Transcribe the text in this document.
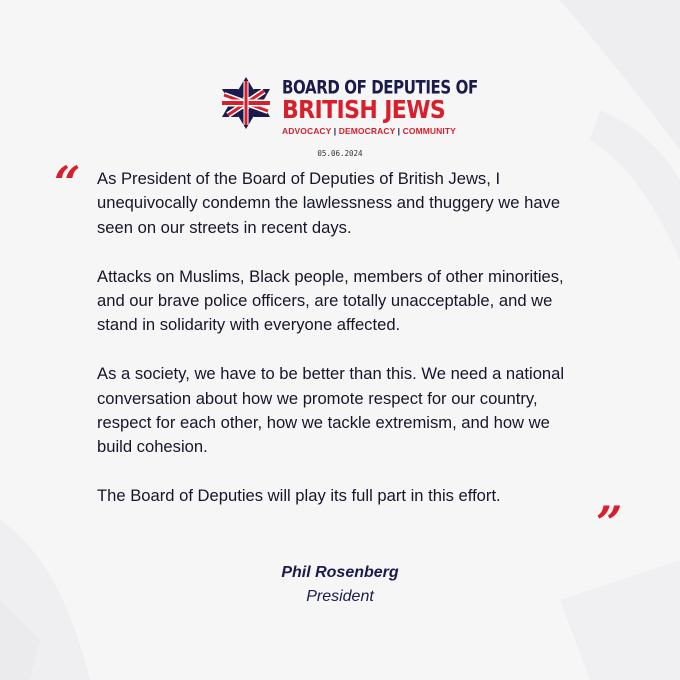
BOARD OF DEPUTIES OF
BRITISH JEWS
ADVOCACY | DEMOCRACY | COMMUNITY
05.06.2024
“ As President of the Board of Deputies of British Jews, I unequivocally condemn the lawlessness and thuggery we have seen on our streets in recent days.

Attacks on Muslims, Black people, members of other minorities, and our brave police officers, are totally unacceptable, and we stand in solidarity with everyone affected.

As a society, we have to be better than this. We need a national conversation about how we promote respect for our country, respect for each other, how we tackle extremism, and how we build cohesion.

The Board of Deputies will play its full part in this effort.

”
Phil Rosenberg
President
